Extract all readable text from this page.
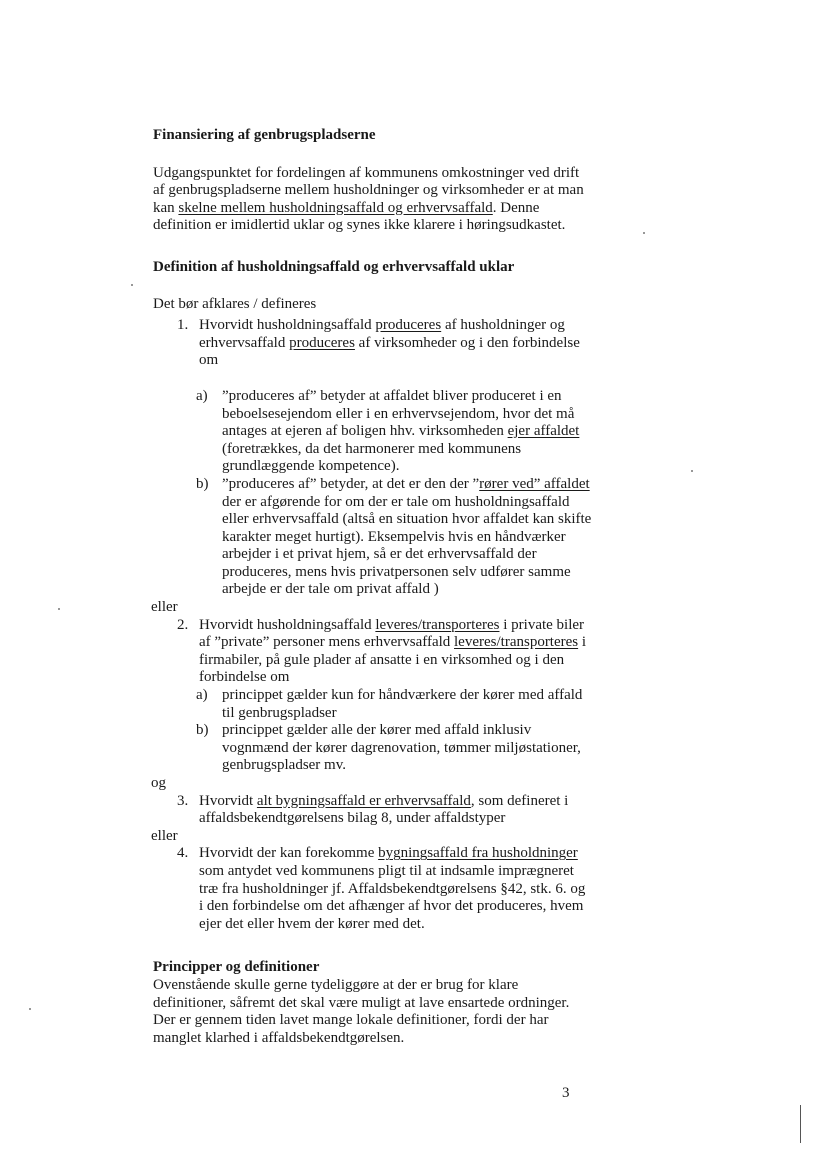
Finansiering af genbrugspladserne

Udgangspunktet for fordelingen af kommunens omkostninger ved drift af genbrugspladserne mellem husholdninger og virksomheder er at man kan skelne mellem husholdningsaffald og erhvervsaffald. Denne definition er imidlertid uklar og synes ikke klarere i høringsudkastet.

Definition af husholdningsaffald og erhvervsaffald uklar

Det bør afklares / defineres

1. Hvorvidt husholdningsaffald produceres af husholdninger og erhvervsaffald produceres af virksomheder og i den forbindelse om
a) ”produceres af” betyder at affaldet bliver produceret i en beboelsesejendom eller i en erhvervsejendom, hvor det må antages at ejeren af boligen hhv. virksomheden ejer affaldet (foretrækkes, da det harmonerer med kommunens grundlæggende kompetence).
b) ”produceres af” betyder, at det er den der ”rører ved” affaldet der er afgørende for om der er tale om husholdningsaffald eller erhvervsaffald (altså en situation hvor affaldet kan skifte karakter meget hurtigt). Eksempelvis hvis en håndværker arbejder i et privat hjem, så er det erhvervsaffald der produceres, mens hvis privatpersonen selv udfører samme arbejde er der tale om privat affald )

eller

2. Hvorvidt husholdningsaffald leveres/transporteres i private biler af ”private” personer mens erhvervsaffald leveres/transporteres i firmabiler, på gule plader af ansatte i en virksomhed og i den forbindelse om
a) princippet gælder kun for håndværkere der kører med affald til genbrugspladser
b) princippet gælder alle der kører med affald inklusiv vognmænd der kører dagrenovation, tømmer miljøstationer, genbrugspladser mv.

og

3. Hvorvidt alt bygningsaffald er erhvervsaffald, som defineret i affaldsbekendtgørelsens bilag 8, under affaldstyper

eller

4. Hvorvidt der kan forekomme bygningsaffald fra husholdninger som antydet ved kommunens pligt til at indsamle imprægneret træ fra husholdninger jf. Affaldsbekendtgørelsens §42, stk. 6. og i den forbindelse om det afhænger af hvor det produceres, hvem ejer det eller hvem der kører med det.

Principper og definitioner

Ovenstående skulle gerne tydeliggøre at der er brug for klare definitioner, såfremt det skal være muligt at lave ensartede ordninger. Der er gennem tiden lavet mange lokale definitioner, fordi der har manglet klarhed i affaldsbekendtgørelsen.

3
